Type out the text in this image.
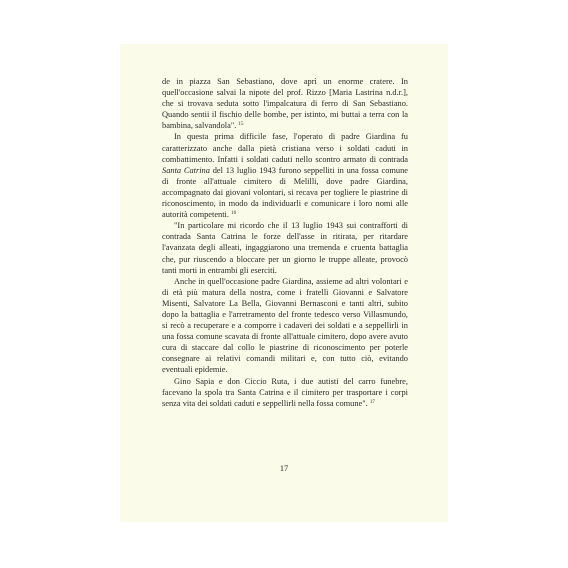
de in piazza San Sebastiano, dove aprì un enorme cratere. In quell'occasione salvai la nipote del prof. Rizzo [Maria Lastrina n.d.r.], che si trovava seduta sotto l'impalcatura di ferro di San Sebastiano. Quando sentii il fischio delle bombe, per istinto, mi buttai a terra con la bambina, salvandola". $^{15}$

In questa prima difficile fase, l'operato di padre Giardina fu caratterizzato anche dalla pietà cristiana verso i soldati caduti in combattimento. Infatti i soldati caduti nello scontro armato di contrada Santa Catrina del 13 luglio 1943 furono seppelliti in una fossa comune di fronte all'attuale cimitero di Melilli, dove padre Giardina, accompagnato dai giovani volontari, si recava per togliere le piastrine di riconoscimento, in modo da individuarli e comunicare i loro nomi alle autorità competenti. $^{16}$

"In particolare mi ricordo che il 13 luglio 1943 sui contrafforti di contrada Santa Catrina le forze dell'asse in ritirata, per ritardare l'avanzata degli alleati, ingaggiarono una tremenda e cruenta battaglia che, pur riuscendo a bloccare per un giorno le truppe alleate, provocò tanti morti in entrambi gli eserciti.

Anche in quell'occasione padre Giardina, assieme ad altri volontari e di età più matura della nostra, come i fratelli Giovanni e Salvatore Misenti, Salvatore La Bella, Giovanni Bernasconi e tanti altri, subito dopo la battaglia e l'arretramento del fronte tedesco verso Villasmundo, si recò a recuperare e a comporre i cadaveri dei soldati e a seppellirli in una fossa comune scavata di fronte all'attuale cimitero, dopo avere avuto cura di staccare dal collo le piastrine di riconoscimento per poterle consegnare ai relativi comandi militari e, con tutto ciò, evitando eventuali epidemie.

Gino Sapia e don Ciccio Ruta, i due autisti del carro funebre, facevano la spola tra Santa Catrina e il cimitero per trasportare i corpi senza vita dei soldati caduti e seppellirli nella fossa comune". $^{17}$

17
